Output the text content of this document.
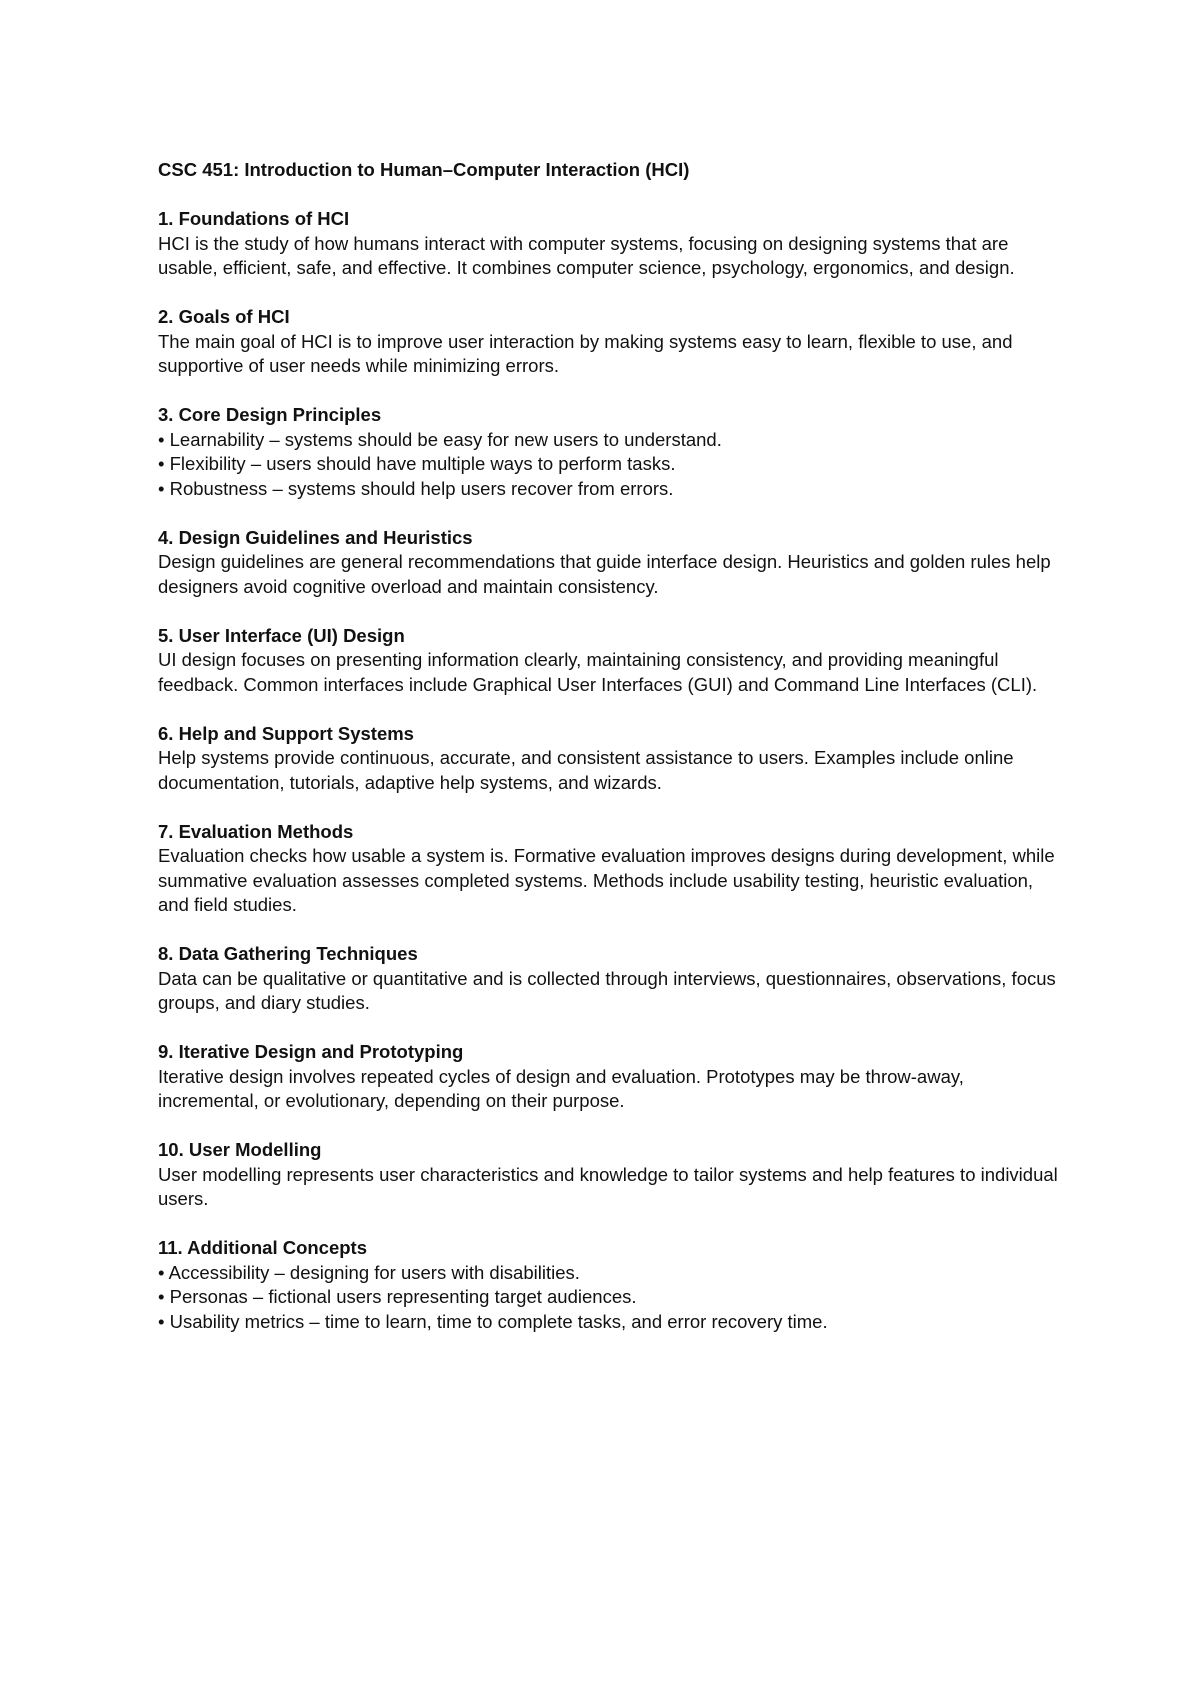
CSC 451: Introduction to Human–Computer Interaction (HCI)

1. Foundations of HCI

HCI is the study of how humans interact with computer systems, focusing on designing systems that are usable, efficient, safe, and effective. It combines computer science, psychology, ergonomics, and design.

2. Goals of HCI

The main goal of HCI is to improve user interaction by making systems easy to learn, flexible to use, and supportive of user needs while minimizing errors.

3. Core Design Principles

• Learnability – systems should be easy for new users to understand.
• Flexibility – users should have multiple ways to perform tasks.
• Robustness – systems should help users recover from errors.

4. Design Guidelines and Heuristics

Design guidelines are general recommendations that guide interface design. Heuristics and golden rules help designers avoid cognitive overload and maintain consistency.

5. User Interface (UI) Design

UI design focuses on presenting information clearly, maintaining consistency, and providing meaningful feedback. Common interfaces include Graphical User Interfaces (GUI) and Command Line Interfaces (CLI).

6. Help and Support Systems

Help systems provide continuous, accurate, and consistent assistance to users. Examples include online documentation, tutorials, adaptive help systems, and wizards.

7. Evaluation Methods

Evaluation checks how usable a system is. Formative evaluation improves designs during development, while summative evaluation assesses completed systems. Methods include usability testing, heuristic evaluation, and field studies.

8. Data Gathering Techniques

Data can be qualitative or quantitative and is collected through interviews, questionnaires, observations, focus groups, and diary studies.

9. Iterative Design and Prototyping

Iterative design involves repeated cycles of design and evaluation. Prototypes may be throw-away, incremental, or evolutionary, depending on their purpose.

10. User Modelling

User modelling represents user characteristics and knowledge to tailor systems and help features to individual users.

11. Additional Concepts

• Accessibility – designing for users with disabilities.
• Personas – fictional users representing target audiences.
• Usability metrics – time to learn, time to complete tasks, and error recovery time.
